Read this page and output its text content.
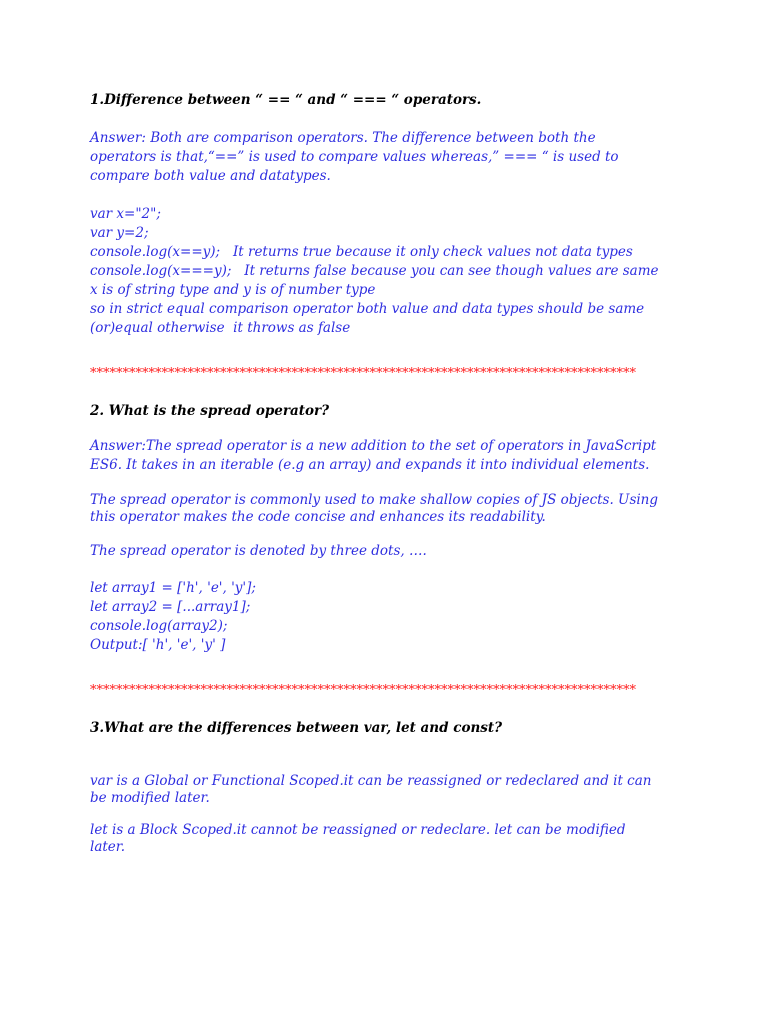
1.Difference between “ == “ and “ === “ operators.

Answer: Both are comparison operators. The difference between both the
operators is that,“==” is used to compare values whereas,” === “ is used to
compare both value and datatypes.

var x="2";
var y=2;
console.log(x==y);   It returns true because it only check values not data types
console.log(x===y);   It returns false because you can see though values are same
x is of string type and y is of number type
so in strict equal comparison operator both value and data types should be same
(or)equal otherwise  it throws as false

************************************************************************************

2. What is the spread operator?

Answer:The spread operator is a new addition to the set of operators in JavaScript
ES6. It takes in an iterable (e.g an array) and expands it into individual elements.

The spread operator is commonly used to make shallow copies of JS objects. Using
this operator makes the code concise and enhances its readability.

The spread operator is denoted by three dots, ….

let array1 = ['h', 'e', 'y'];
let array2 = [...array1];
console.log(array2);
Output:[ 'h', 'e', 'y' ]

************************************************************************************

3.What are the differences between var, let and const?

var is a Global or Functional Scoped.it can be reassigned or redeclared and it can
be modified later.

let is a Block Scoped.it cannot be reassigned or redeclare. let can be modified
later.
